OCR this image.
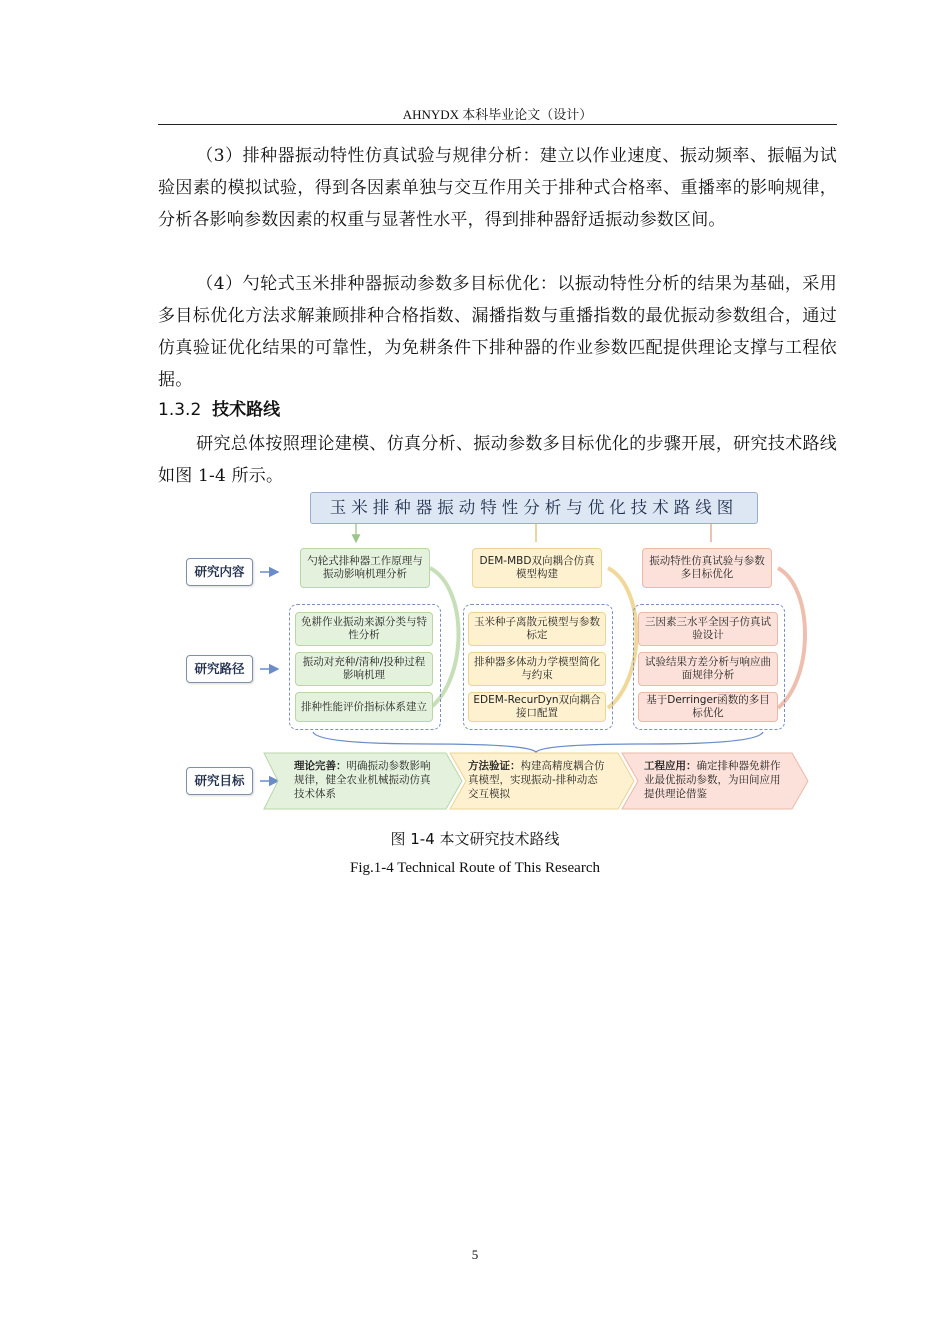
AHNYDX 本科毕业论文（设计）
（3）排种器振动特性仿真试验与规律分析：建立以作业速度、振动频率、振幅为试验因素的模拟试验，得到各因素单独与交互作用关于排种式合格率、重播率的影响规律，分析各影响参数因素的权重与显著性水平，得到排种器舒适振动参数区间。
（4）勺轮式玉米排种器振动参数多目标优化：以振动特性分析的结果为基础，采用多目标优化方法求解兼顾排种合格指数、漏播指数与重播指数的最优振动参数组合，通过仿真验证优化结果的可靠性，为免耕条件下排种器的作业参数匹配提供理论支撑与工程依据。
1.3.2 技术路线
研究总体按照理论建模、仿真分析、振动参数多目标优化的步骤开展，研究技术路线如图 1-4 所示。
玉米排种器振动特性分析与优化技术路线图
研究内容
研究路径
研究目标
勺轮式排种器工作原理与振动影响机理分析
DEM-MBD双向耦合仿真模型构建
振动特性仿真试验与参数多目标优化
免耕作业振动来源分类与特性分析
振动对充种/清种/投种过程影响机理
排种性能评价指标体系建立
玉米种子离散元模型与参数标定
排种器多体动力学模型简化与约束
EDEM-RecurDyn双向耦合接口配置
三因素三水平全因子仿真试验设计
试验结果方差分析与响应曲面规律分析
基于Derringer函数的多目标优化
理论完善：明确振动参数影响规律，健全农业机械振动仿真技术体系
方法验证：构建高精度耦合仿真模型，实现振动-排种动态交互模拟
工程应用：确定排种器免耕作业最优振动参数，为田间应用提供理论借鉴
图 1-4 本文研究技术路线
Fig.1-4 Technical Route of This Research
5
